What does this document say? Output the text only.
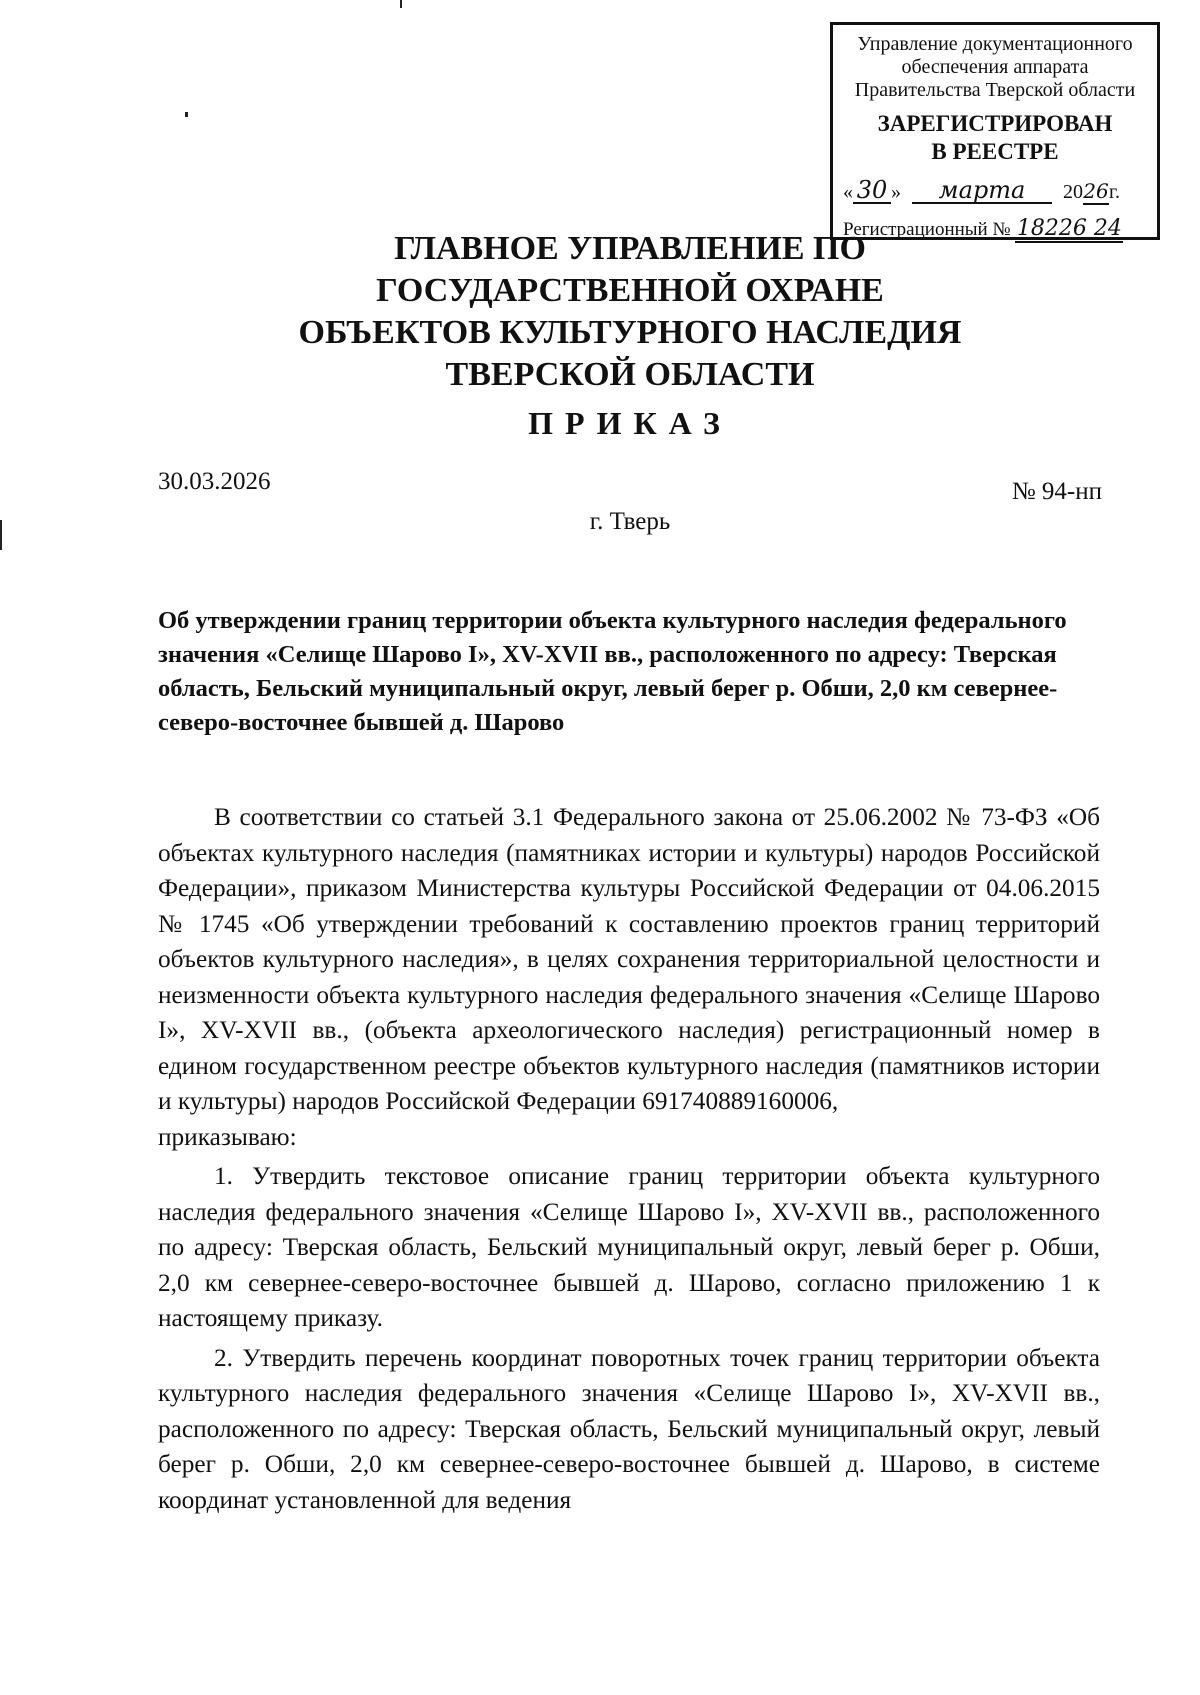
Управление документационного
обеспечения аппарата
Правительства Тверской области
ЗАРЕГИСТРИРОВАН
В РЕЕСТРЕ
« 30 » марта 2026г.
Регистрационный № 18226 24
ГЛАВНОЕ УПРАВЛЕНИЕ ПО
ГОСУДАРСТВЕННОЙ ОХРАНЕ
ОБЪЕКТОВ КУЛЬТУРНОГО НАСЛЕДИЯ
ТВЕРСКОЙ ОБЛАСТИ
ПРИКАЗ
30.03.2026	№ 94-нп
г. Тверь
Об утверждении границ территории объекта культурного наследия федерального значения «Селище Шарово I», XV-XVII вв., расположенного по адресу: Тверская область, Бельский муниципальный округ, левый берег р. Обши, 2,0 км севернее-северо-восточнее бывшей д. Шарово

В соответствии со статьей 3.1 Федерального закона от 25.06.2002 № 73-ФЗ «Об объектах культурного наследия (памятниках истории и культуры) народов Российской Федерации», приказом Министерства культуры Российской Федерации от 04.06.2015 № 1745 «Об утверждении требований к составлению проектов границ территорий объектов культурного наследия», в целях сохранения территориальной целостности и неизменности объекта культурного наследия федерального значения «Селище Шарово I», XV-XVII вв., (объекта археологического наследия) регистрационный номер в едином государственном реестре объектов культурного наследия (памятников истории и культуры) народов Российской Федерации 691740889160006,

приказываю:

1. Утвердить текстовое описание границ территории объекта культурного наследия федерального значения «Селище Шарово I», XV-XVII вв., расположенного по адресу: Тверская область, Бельский муниципальный округ, левый берег р. Обши, 2,0 км севернее-северо-восточнее бывшей д. Шарово, согласно приложению 1 к настоящему приказу.

2. Утвердить перечень координат поворотных точек границ территории объекта культурного наследия федерального значения «Селище Шарово I», XV-XVII вв., расположенного по адресу: Тверская область, Бельский муниципальный округ, левый берег р. Обши, 2,0 км севернее-северо-восточнее бывшей д. Шарово, в системе координат установленной для ведения
